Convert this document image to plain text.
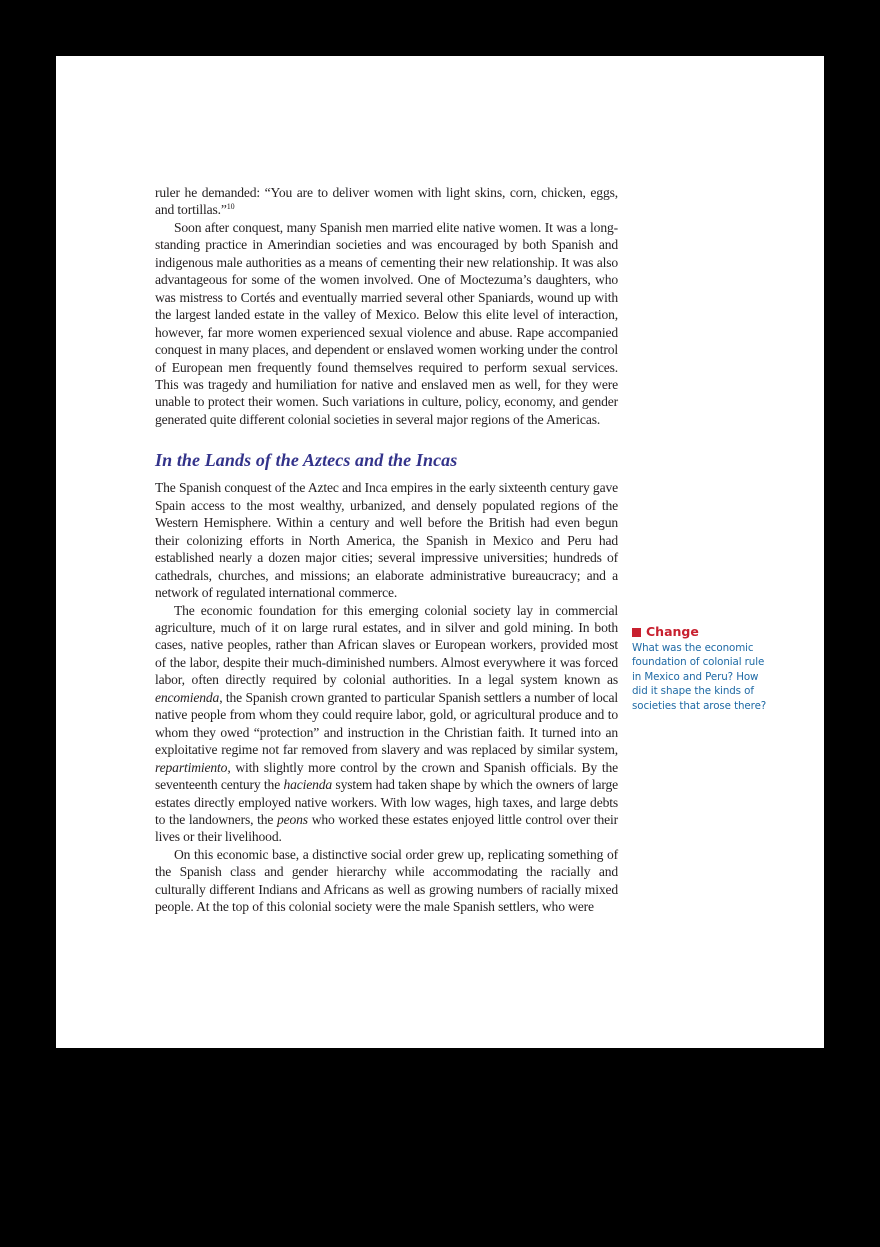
ruler he demanded: “You are to deliver women with light skins, corn, chicken, eggs, and tortillas.”$^{10}$

Soon after conquest, many Spanish men married elite native women. It was a long-standing practice in Amerindian societies and was encouraged by both Spanish and indigenous male authorities as a means of cementing their new relationship. It was also advantageous for some of the women involved. One of Moctezuma’s daughters, who was mistress to Cortés and eventually married several other Spaniards, wound up with the largest landed estate in the valley of Mexico. Below this elite level of interaction, however, far more women experienced sexual violence and abuse. Rape accompanied conquest in many places, and dependent or enslaved women working under the control of European men frequently found themselves required to perform sexual services. This was tragedy and humiliation for native and enslaved men as well, for they were unable to protect their women. Such variations in culture, policy, economy, and gender generated quite different colonial societies in several major regions of the Americas.

In the Lands of the Aztecs and the Incas

The Spanish conquest of the Aztec and Inca empires in the early sixteenth century gave Spain access to the most wealthy, urbanized, and densely populated regions of the Western Hemisphere. Within a century and well before the British had even begun their colonizing efforts in North America, the Spanish in Mexico and Peru had established nearly a dozen major cities; several impressive universities; hundreds of cathedrals, churches, and missions; an elaborate administrative bureaucracy; and a network of regulated international commerce.

The economic foundation for this emerging colonial society lay in commercial agriculture, much of it on large rural estates, and in silver and gold mining. In both cases, native peoples, rather than African slaves or European workers, provided most of the labor, despite their much-diminished numbers. Almost everywhere it was forced labor, often directly required by colonial authorities. In a legal system known as encomienda, the Spanish crown granted to particular Spanish settlers a number of local native people from whom they could require labor, gold, or agricultural produce and to whom they owed “protection” and instruction in the Christian faith. It turned into an exploitative regime not far removed from slavery and was replaced by similar system, repartimiento, with slightly more control by the crown and Spanish officials. By the seventeenth century the hacienda system had taken shape by which the owners of large estates directly employed native workers. With low wages, high taxes, and large debts to the landowners, the peons who worked these estates enjoyed little control over their lives or their livelihood.

On this economic base, a distinctive social order grew up, replicating something of the Spanish class and gender hierarchy while accommodating the racially and culturally different Indians and Africans as well as growing numbers of racially mixed people. At the top of this colonial society were the male Spanish settlers, who were

Change
What was the economic foundation of colonial rule in Mexico and Peru? How did it shape the kinds of societies that arose there?
